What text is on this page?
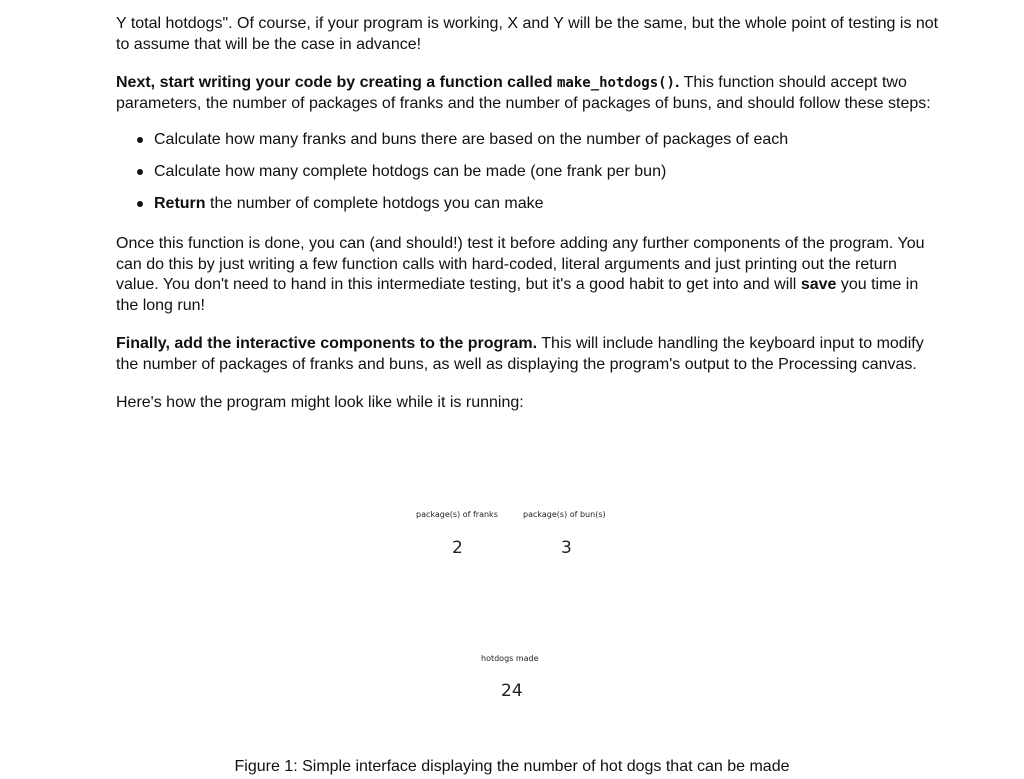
Y total hotdogs". Of course, if your program is working, X and Y will be the same, but the whole point of testing is not to assume that will be the case in advance!

Next, start writing your code by creating a function called make_hotdogs(). This function should accept two parameters, the number of packages of franks and the number of packages of buns, and should follow these steps:

Calculate how many franks and buns there are based on the number of packages of each
Calculate how many complete hotdogs can be made (one frank per bun)
Return the number of complete hotdogs you can make

Once this function is done, you can (and should!) test it before adding any further components of the program. You can do this by just writing a few function calls with hard-coded, literal arguments and just printing out the return value. You don't need to hand in this intermediate testing, but it's a good habit to get into and will save you time in the long run!

Finally, add the interactive components to the program. This will include handling the keyboard input to modify the number of packages of franks and buns, as well as displaying the program's output to the Processing canvas.

Here's how the program might look like while it is running:

package(s) of franks	package(s) of bun(s)
2	3
hotdogs made
24
Figure 1: Simple interface displaying the number of hot dogs that can be made
